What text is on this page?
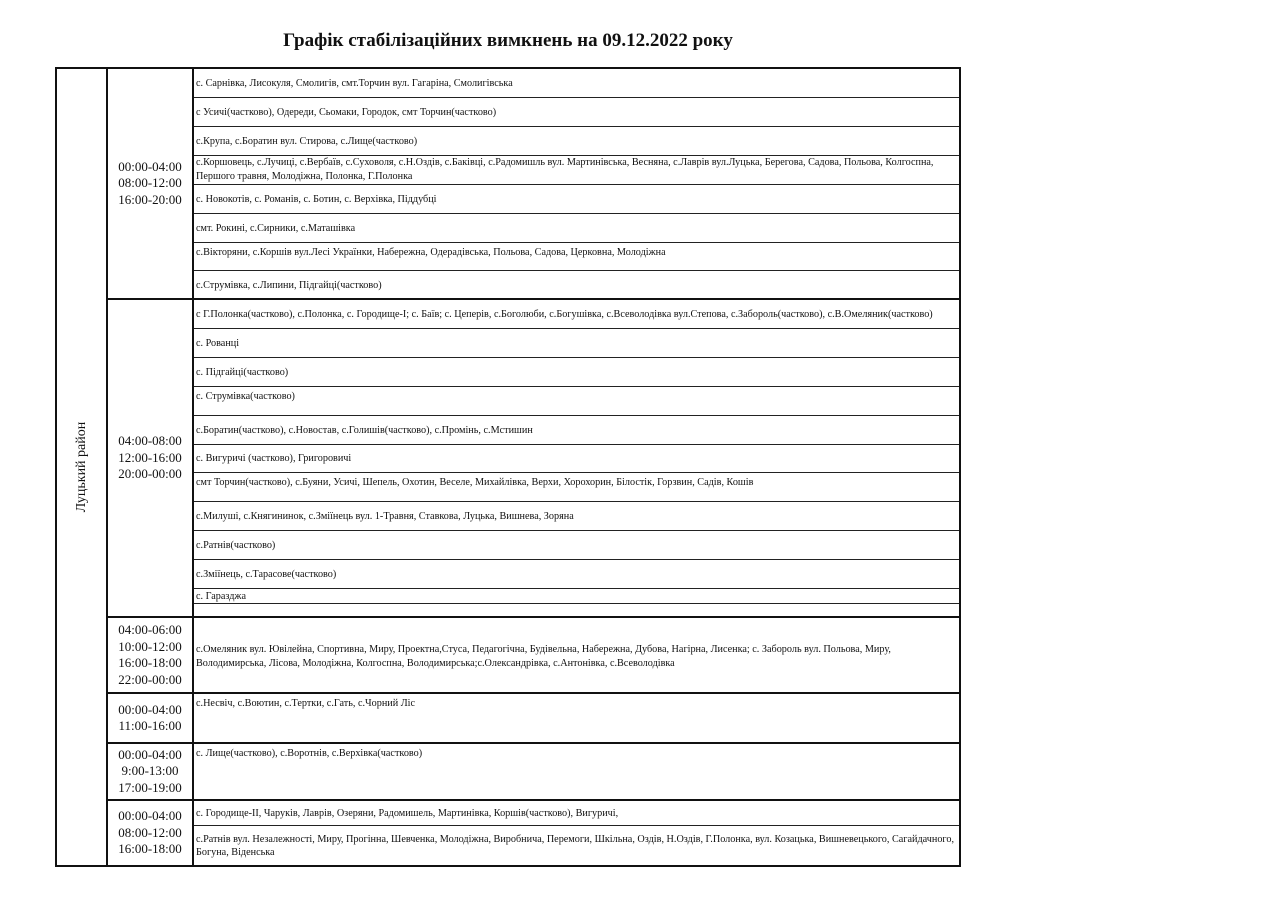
Графік стабілізаційних вимкнень на 09.12.2022 року
Луцький район
00:00-04:00
08:00-12:00
16:00-20:00
с. Сарнівка, Лисокуля, Смолигів, смт.Торчин вул. Гагаріна, Смолигівська
с Усичі(частково), Одереди, Сьомаки, Городок, смт Торчин(частково)
с.Крупа, с.Боратин вул. Стирова, с.Лище(частково)
с.Коршовець, с.Лучиці, с.Вербаїв, с.Суховоля, с.Н.Оздів, с.Баківці, с.Радомишль вул. Мартинівська, Весняна, с.Лаврів вул.Луцька, Берегова, Садова, Польова, Колгоспна, Першого травня, Молодіжна, Полонка, Г.Полонка
с. Новокотів, с. Романів, с. Ботин, с. Верхівка, Піддубці
смт. Рокині, с.Сирники, с.Маташівка
с.Вікторяни, с.Коршів вул.Лесі Українки, Набережна, Одерадівська, Польова, Садова, Церковна, Молодіжна
с.Струмівка, с.Липини, Підгайці(частково)
04:00-08:00
12:00-16:00
20:00-00:00
с Г.Полонка(частково), с.Полонка, с. Городище-І; с. Баїв; с. Цеперів, с.Боголюби, с.Богушівка, с.Всеволодівка вул.Степова, с.Забороль(частково), с.В.Омеляник(частково)
с. Рованці
с. Підгайці(частково)
с. Струмівка(частково)
с.Боратин(частково), с.Новостав, с.Голишів(частково), с.Промінь, с.Мстишин
с. Вигуричі (частково), Григоровичі
смт Торчин(частково), с.Буяни, Усичі, Шепель, Охотин, Веселе, Михайлівка, Верхи, Хорохорин, Білостік, Горзвин, Садів, Кошів
с.Милуші, с.Княгининок, с.Зміїнець вул. 1-Травня, Ставкова, Луцька, Вишнева, Зоряна
с.Ратнів(частково)
с.Зміїнець, с.Тарасове(частково)
с. Гаразджа
04:00-06:00
10:00-12:00
16:00-18:00
22:00-00:00
с.Омеляник вул. Ювілейна, Спортивна, Миру, Проектна,Стуса, Педагогічна, Будівельна, Набережна, Дубова, Нагірна, Лисенка; с. Забороль вул. Польова, Миру, Володимирська, Лісова, Молодіжна, Колгоспна, Володимирська;с.Олександрівка, с.Антонівка, с.Всеволодівка
00:00-04:00
11:00-16:00
с.Несвіч, с.Воютин, с.Тертки, с.Гать, с.Чорний Ліс
00:00-04:00
9:00-13:00
17:00-19:00
с. Лище(частково), с.Воротнів, с.Верхівка(частково)
00:00-04:00
08:00-12:00
16:00-18:00
с. Городище-ІІ, Чаруків, Лаврів, Озеряни, Радомишель, Мартинівка, Коршів(частково), Вигуричі,
с.Ратнів вул. Незалежності, Миру, Прогінна, Шевченка, Молодіжна, Виробнича, Перемоги, Шкільна, Оздів, Н.Оздів, Г.Полонка, вул. Козацька, Вишневецького, Сагайдачного, Богуна, Віденська
